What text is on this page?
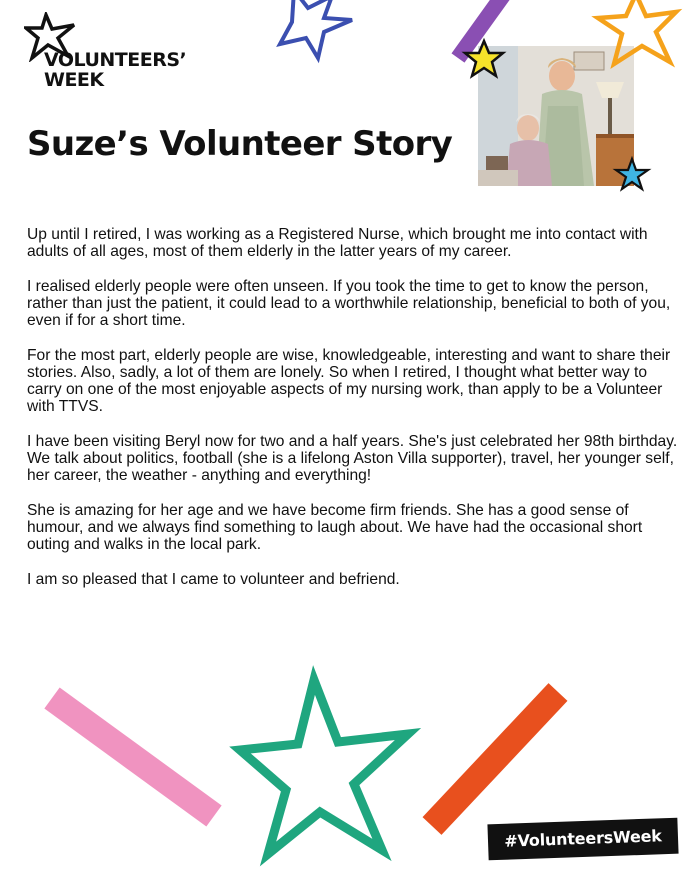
VOLUNTEERS’
WEEK
Suze’s Volunteer Story

Up until I retired, I was working as a Registered Nurse, which brought me into contact with adults of all ages, most of them elderly in the latter years of my career.

I realised elderly people were often unseen. If you took the time to get to know the person, rather than just the patient, it could lead to a worthwhile relationship, beneficial to both of you, even if for a short time.

For the most part, elderly people are wise, knowledgeable, interesting and want to share their stories. Also, sadly, a lot of them are lonely. So when I retired, I thought what better way to carry on one of the most enjoyable aspects of my nursing work, than apply to be a Volunteer with TTVS.

I have been visiting Beryl now for two and a half years. She's just celebrated her 98th birthday. We talk about politics, football (she is a lifelong Aston Villa supporter), travel, her younger self, her career, the weather - anything and everything!

She is amazing for her age and we have become firm friends. She has a good sense of humour, and we always find something to laugh about. We have had the occasional short outing and walks in the local park.

I am so pleased that I came to volunteer and befriend.

#VolunteersWeek
